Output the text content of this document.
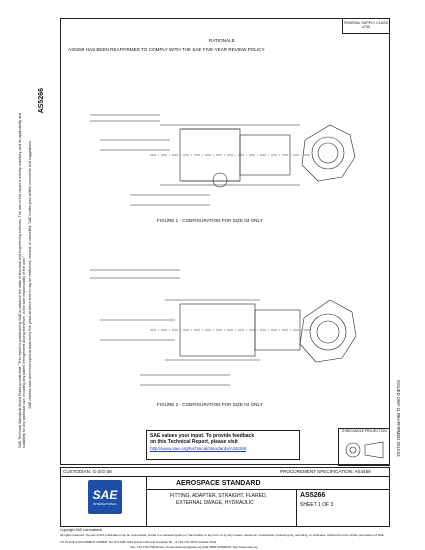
AS5266
SAE Technical Standards Board Rules provide that: "This report is published by SAE to advance the state of technical and engineering sciences. The use of this report is entirely voluntary, and its applicability and suitability for any particular use, including any patent infringement arising therefrom, is the sole responsibility of the user." SAE reviews each technical report at least every five years at which time it may be reaffirmed, revised, or cancelled. SAE invites your written comments and suggestions.
ISSUED 1997-11 REAFFIRMED 2013-04
FEDERAL SUPPLY CLASS
4730
RATIONALE
AS5266 HAS BEEN REAFFIRMED TO COMPLY WITH THE SAE FIVE-YEAR REVIEW POLICY.
FIGURE 1 - CONFIGURATION FOR SIZE 03 ONLY
FIGURE 2 - CONFIGURATION FOR SIZE 04 ONLY
SAE values your input. To provide feedback
on this Technical Report, please visit
http://www.sae.org/technical/standards/AS5266
THIRD ANGLE PROJECTION
CUSTODIAN: G-3/G-38	PROCUREMENT SPECIFICATION: AS4459
SAE
INTERNATIONAL
AEROSPACE STANDARD
FITTING, ADAPTER, STRAIGHT, FLARED,
EXTERNAL SWAGE, HYDRAULIC
AS5266
SHEET 1 OF 3
Copyright SAE International
All rights reserved. No part of this publication may be reproduced, stored in a retrieval system or transmitted, in any form or by any means, electronic, mechanical, photocopying, recording, or otherwise, without the prior written permission of SAE.
TO PLACE A DOCUMENT ORDER: Tel: 877-606-7323 (inside USA and Canada) Tel: +1 724-776-4970 (outside USA)
Fax: 724-776-0790 Email: CustomerService@sae.org SAE WEB ADDRESS: http://www.sae.org
